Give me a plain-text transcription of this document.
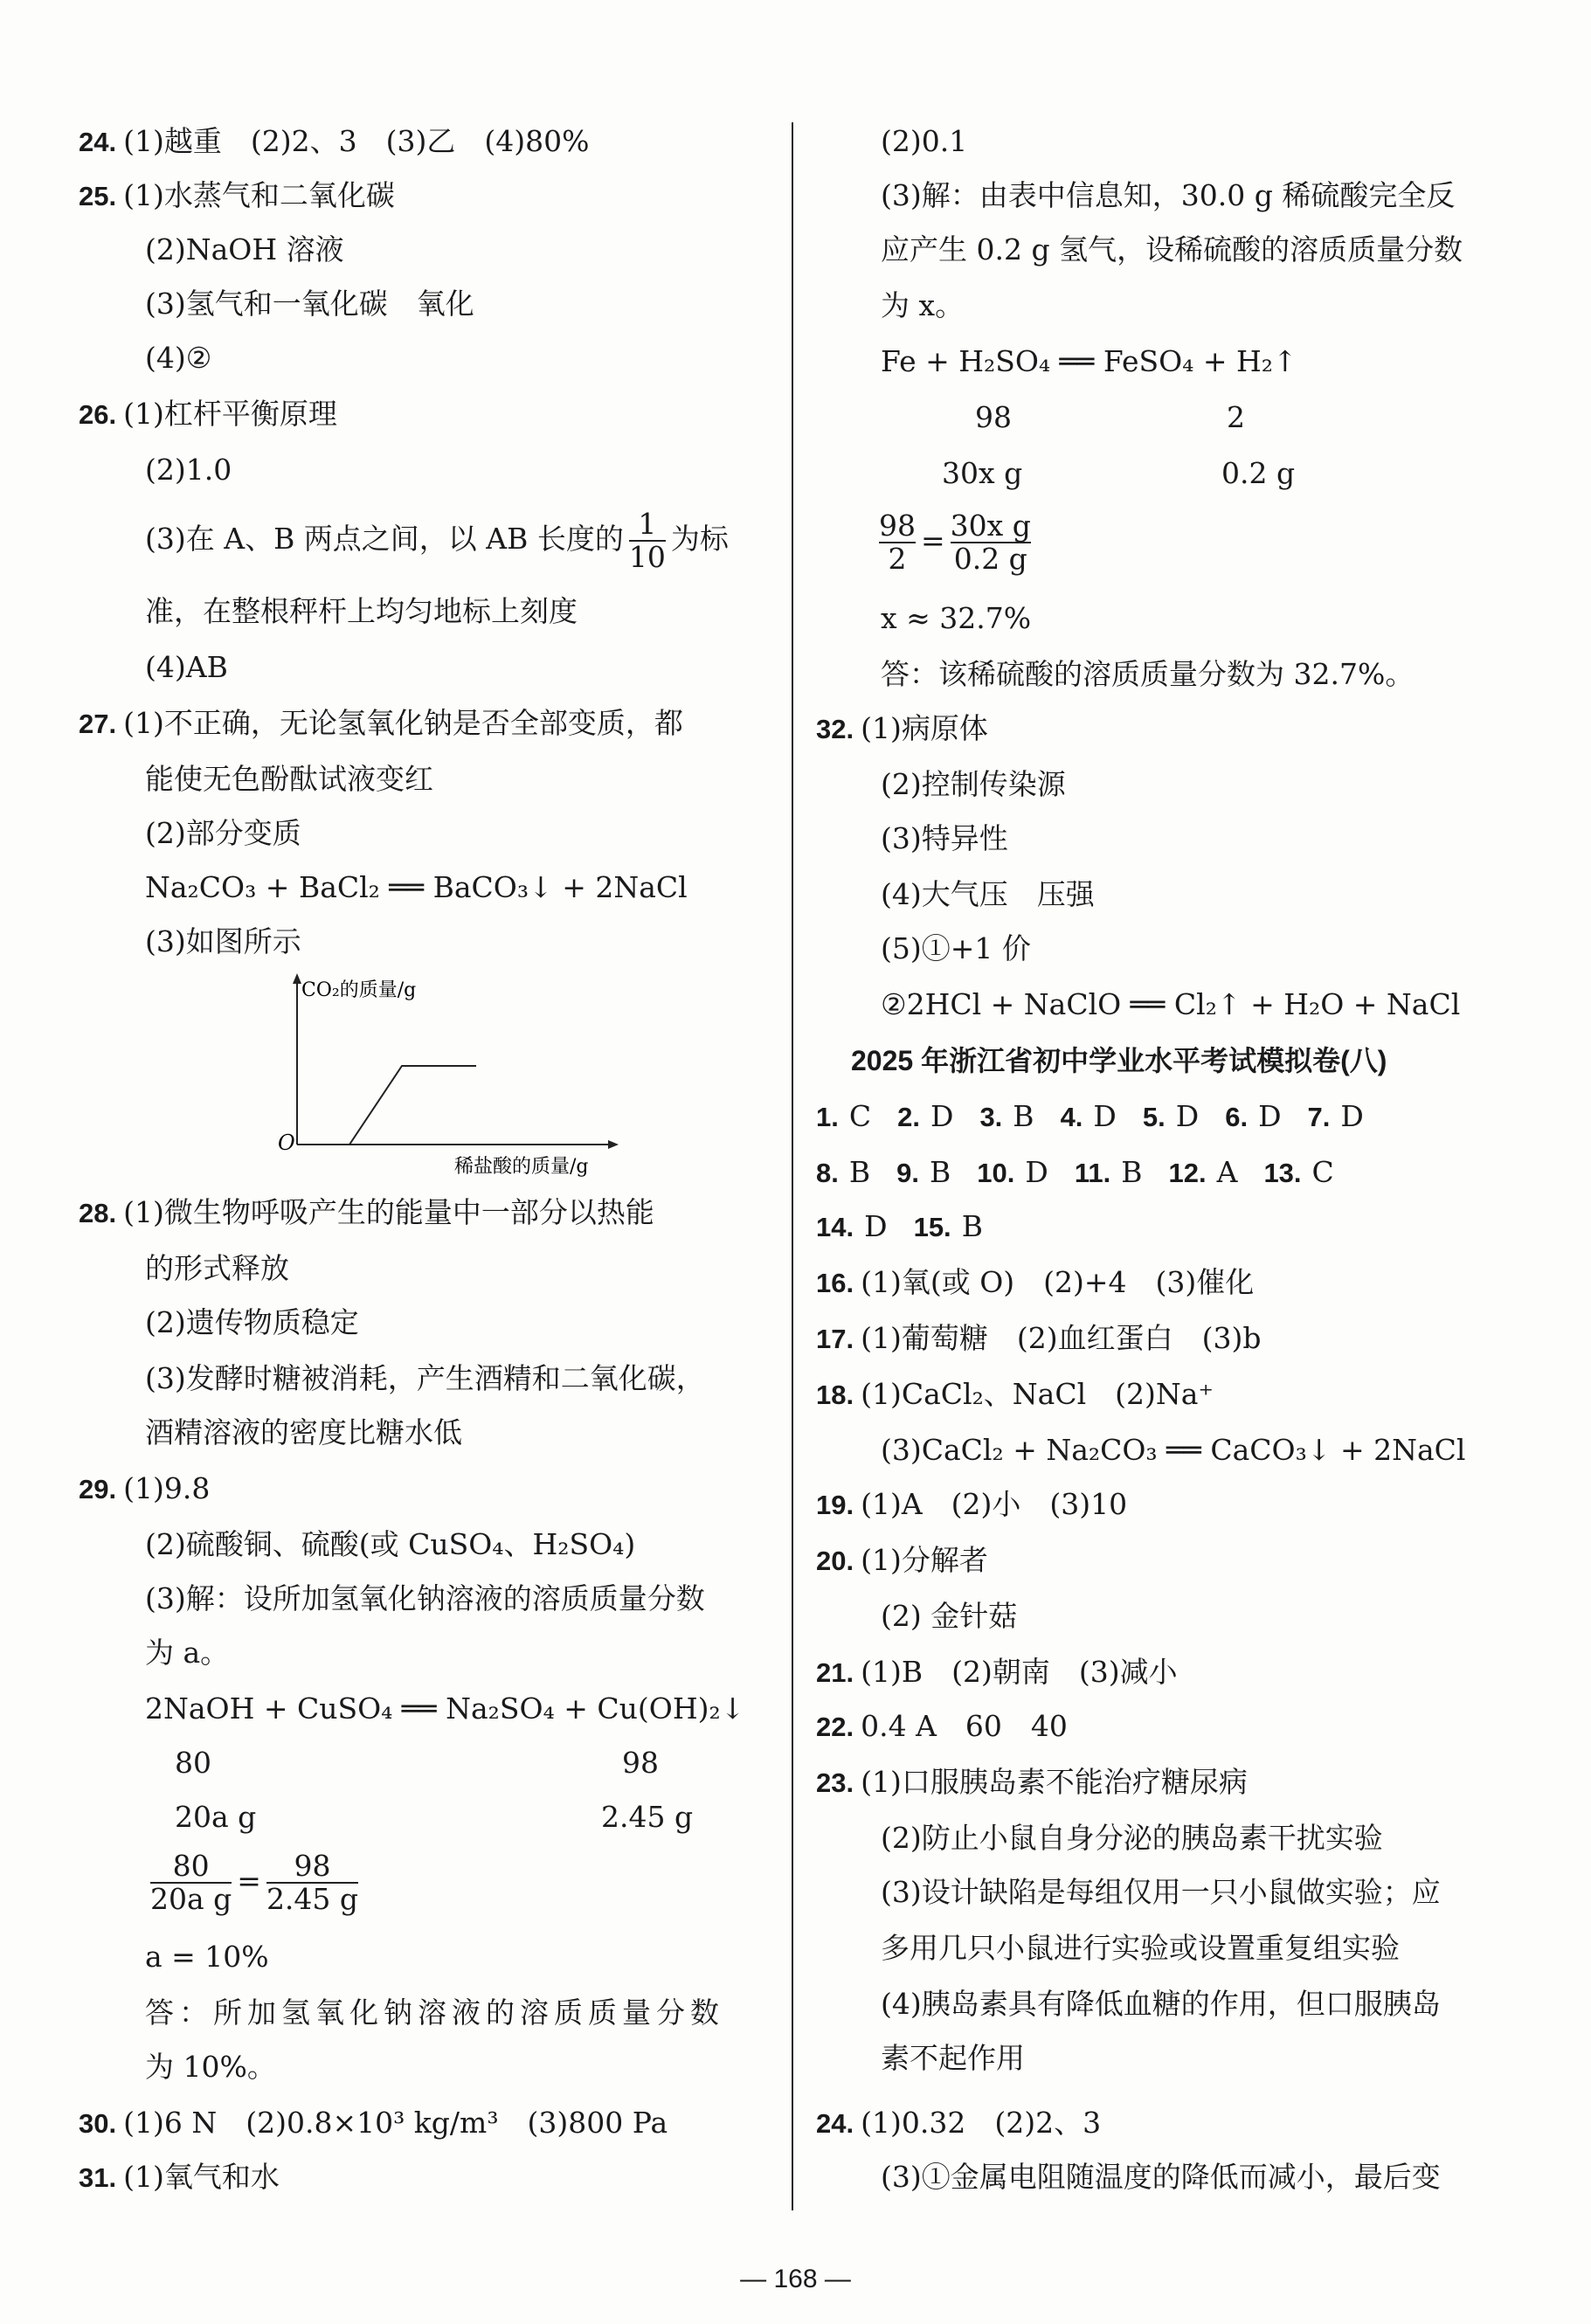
24. (1)越重　(2)2、3　(3)乙　(4)80%
25. (1)水蒸气和二氧化碳
(2)NaOH 溶液
(3)氢气和一氧化碳　氧化
(4)②
26. (1)杠杆平衡原理
(2)1.0
(3)在 A、B 两点之间，以 AB 长度的 $\frac{1}{10}$ 为标
准，在整根秤杆上均匀地标上刻度
(4)AB
27. (1)不正确，无论氢氧化钠是否全部变质，都
能使无色酚酞试液变红
(2)部分变质
Na₂CO₃ + BaCl₂ ══ BaCO₃↓ + 2NaCl
(3)如图所示
CO₂的质量/g
O
稀盐酸的质量/g
28. (1)微生物呼吸产生的能量中一部分以热能
的形式释放
(2)遗传物质稳定
(3)发酵时糖被消耗，产生酒精和二氧化碳，
酒精溶液的密度比糖水低
29. (1)9.8
(2)硫酸铜、硫酸(或 CuSO₄、H₂SO₄)
(3)解：设所加氢氧化钠溶液的溶质质量分数
为 a。
2NaOH + CuSO₄ ══ Na₂SO₄ + Cu(OH)₂↓
80	98
20a g	2.45 g
$\frac{80}{\text{20a g}} = \frac{98}{2.45 g}$
a = 10%
答：所加氢氧化钠溶液的溶质质量分数
为 10%。
30. (1)6 N　(2)0.8×10³ kg/m³　(3)800 Pa
31. (1)氧气和水
(2)0.1
(3)解：由表中信息知，30.0 g 稀硫酸完全反
应产生 0.2 g 氢气，设稀硫酸的溶质质量分数
为 x。
Fe + H₂SO₄ ══ FeSO₄ + H₂↑
98	2
30x g	0.2 g
$\frac{98}{2} = \frac{\text{30x g}}{0.2 g}$
x ≈ 32.7%
答：该稀硫酸的溶质质量分数为 32.7%。
32. (1)病原体
(2)控制传染源
(3)特异性
(4)大气压　压强
(5)①+1 价
②2HCl + NaClO ══ Cl₂↑ + H₂O + NaCl
2025 年浙江省初中学业水平考试模拟卷(八)
1. C 2. D 3. B 4. D 5. D 6. D 7. D
8. B 9. B 10. D 11. B 12. A 13. C
14. D 15. B
16. (1)氧(或 O)　(2)+4　(3)催化
17. (1)葡萄糖　(2)血红蛋白　(3)b
18. (1)CaCl₂、NaCl　(2)Na⁺
(3)CaCl₂ + Na₂CO₃ ══ CaCO₃↓ + 2NaCl
19. (1)A　(2)小　(3)10
20. (1)分解者
(2) 金针菇
21. (1)B　(2)朝南　(3)减小
22. 0.4 A　60　40
23. (1)口服胰岛素不能治疗糖尿病
(2)防止小鼠自身分泌的胰岛素干扰实验
(3)设计缺陷是每组仅用一只小鼠做实验；应
多用几只小鼠进行实验或设置重复组实验
(4)胰岛素具有降低血糖的作用，但口服胰岛
素不起作用
24. (1)0.32　(2)2、3
(3)①金属电阻随温度的降低而减小，最后变
— 168 —
